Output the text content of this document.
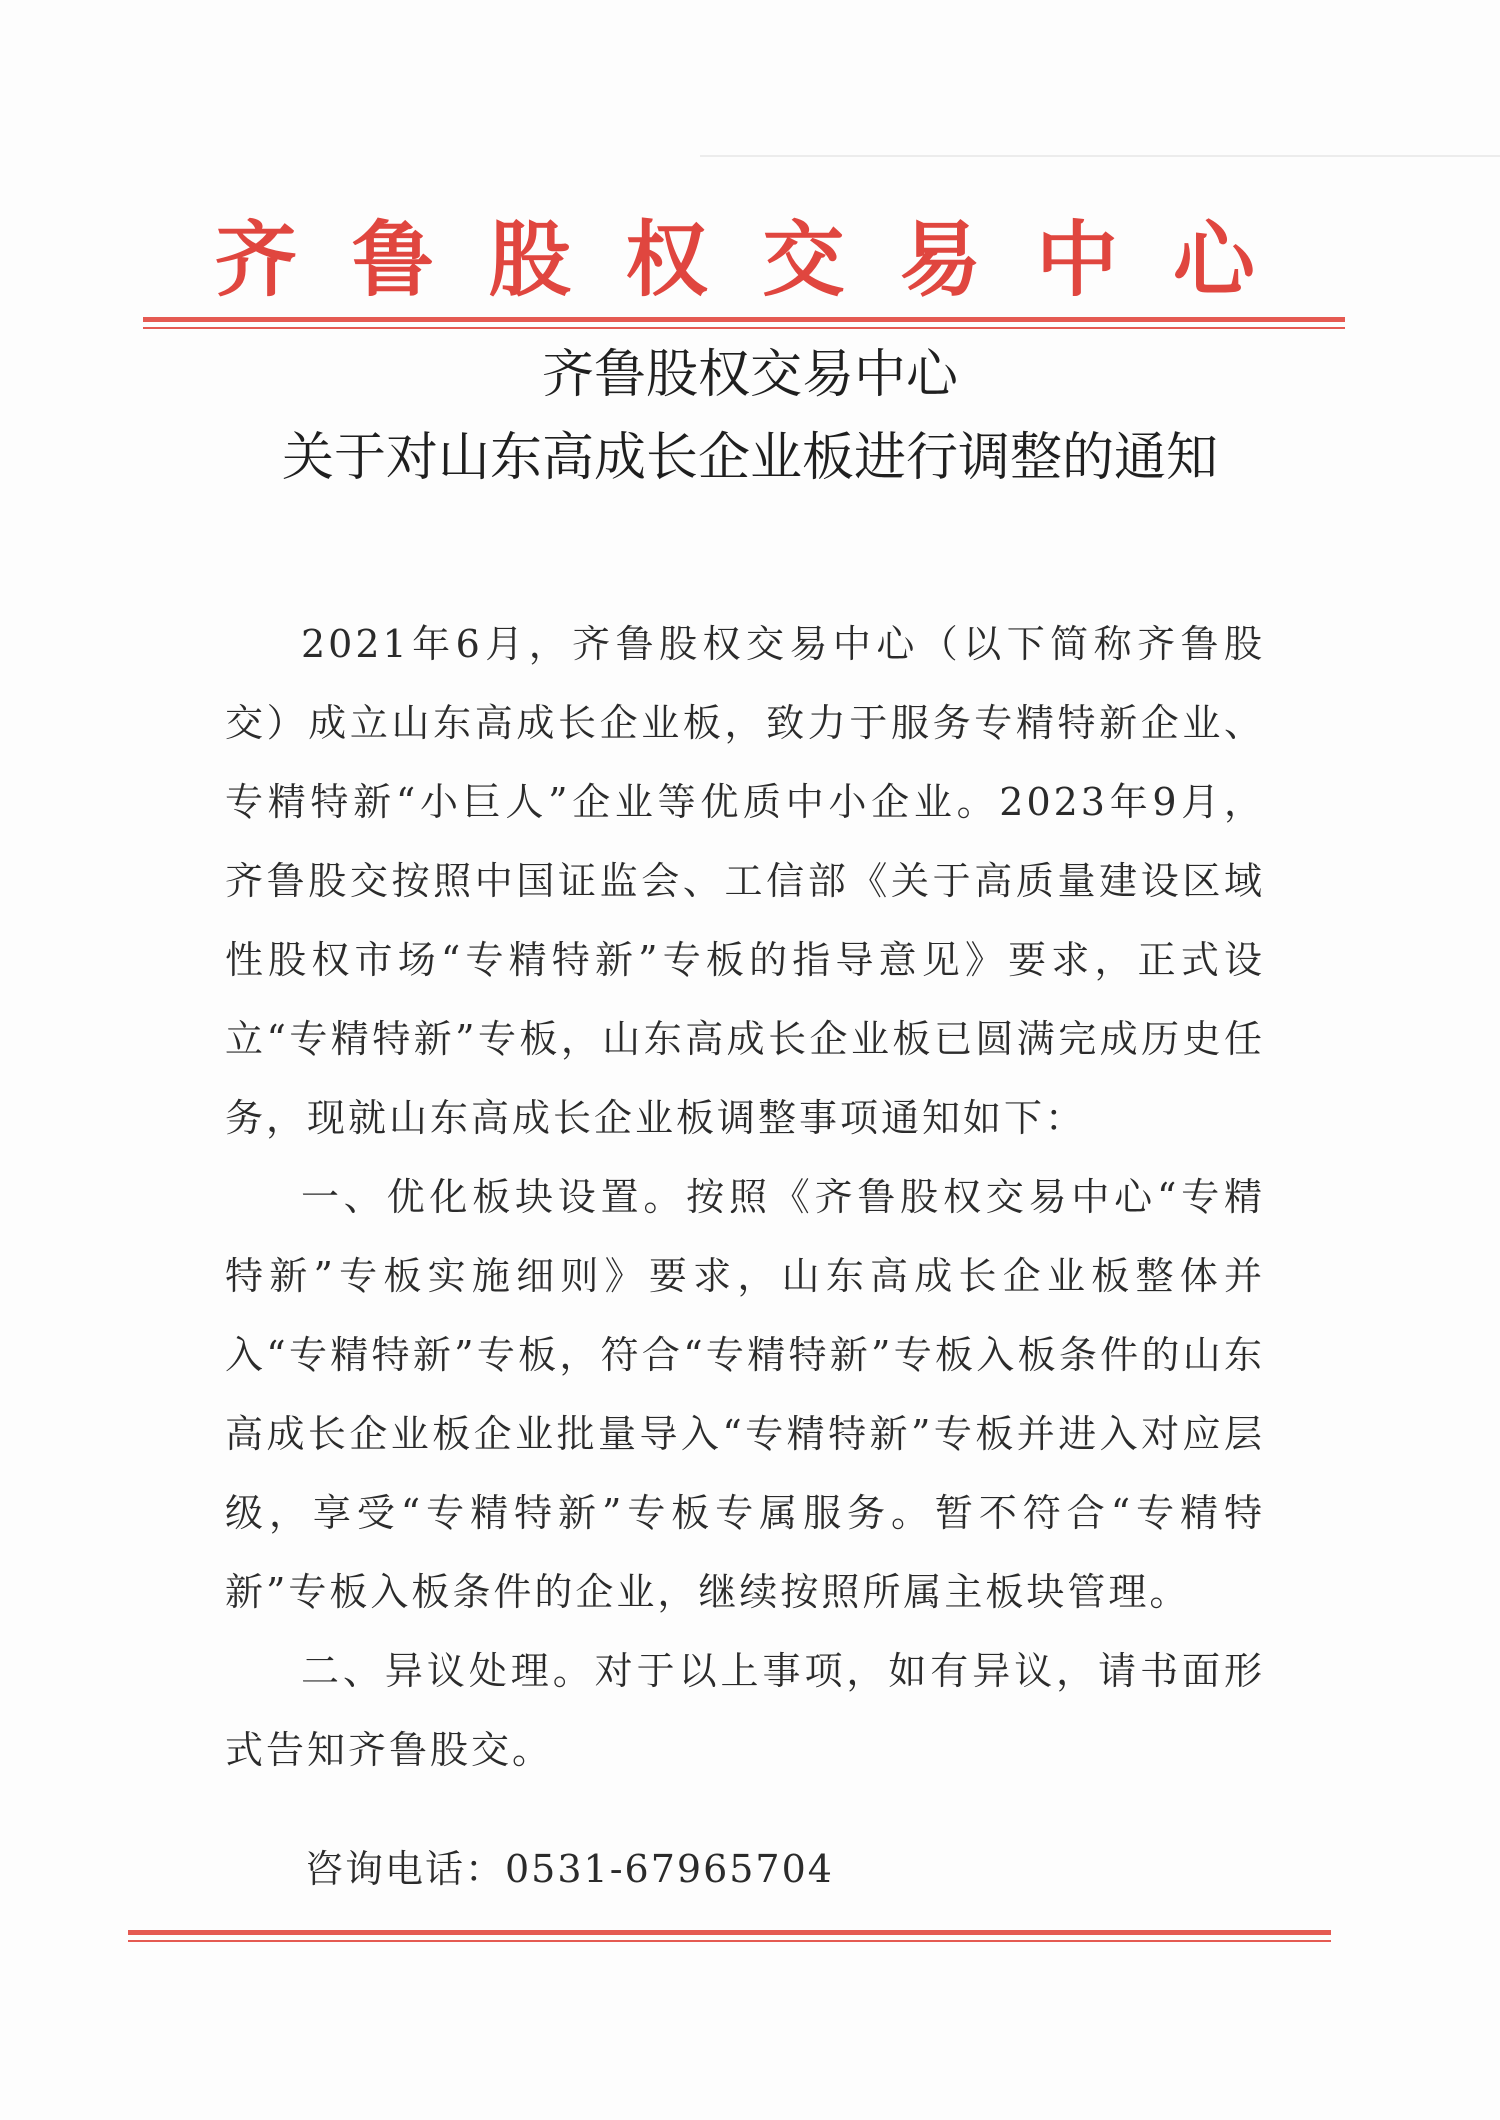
齐 鲁 股 权 交 易 中 心
齐鲁股权交易中心
关于对山东高成长企业板进行调整的通知

2021年6月，齐鲁股权交易中心（以下简称齐鲁股交）成立山东高成长企业板，致力于服务专精特新企业、专精特新“小巨人”企业等优质中小企业。2023年9月，齐鲁股交按照中国证监会、工信部《关于高质量建设区域性股权市场“专精特新”专板的指导意见》要求，正式设立“专精特新”专板，山东高成长企业板已圆满完成历史任务，现就山东高成长企业板调整事项通知如下：

一、优化板块设置。按照《齐鲁股权交易中心“专精特新”专板实施细则》要求，山东高成长企业板整体并入“专精特新”专板，符合“专精特新”专板入板条件的山东高成长企业板企业批量导入“专精特新”专板并进入对应层级，享受“专精特新”专板专属服务。暂不符合“专精特新”专板入板条件的企业，继续按照所属主板块管理。

二、异议处理。对于以上事项，如有异议，请书面形式告知齐鲁股交。

咨询电话：0531-67965704
